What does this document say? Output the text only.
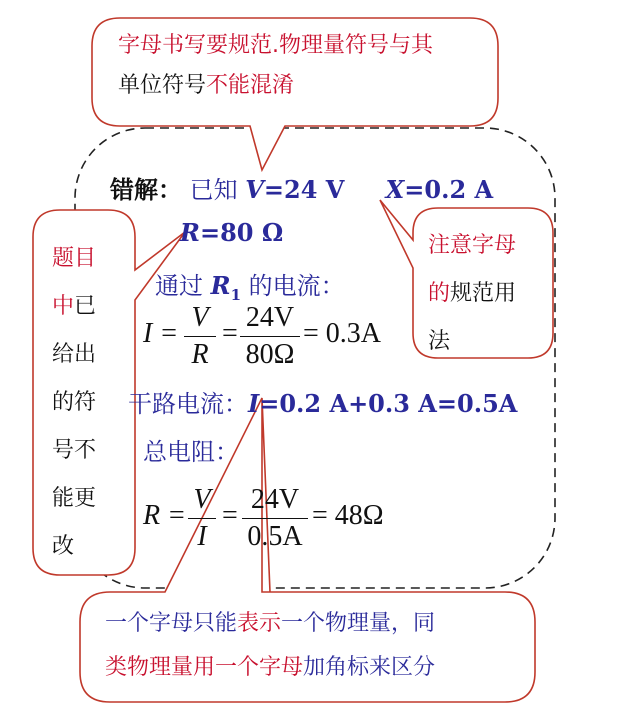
字母书写要规范.物理量符号与其
单位符号不能混淆
注意字母
的规范用
法
题目
中已
给出
的符
号不
能更
改
一个字母只能表示一个物理量，同
类物理量用一个字母加角标来区分
错解： 已知 V=24 V X=0.2 A
R=80 Ω
通过 $R_1$ 的电流：
I =
V
R
=
24V
80Ω
= 0.3A
干路电流：I=0.2 A+0.3 A=0.5A
总电阻：
R =
V
I
=
24V
0.5A
= 48Ω
